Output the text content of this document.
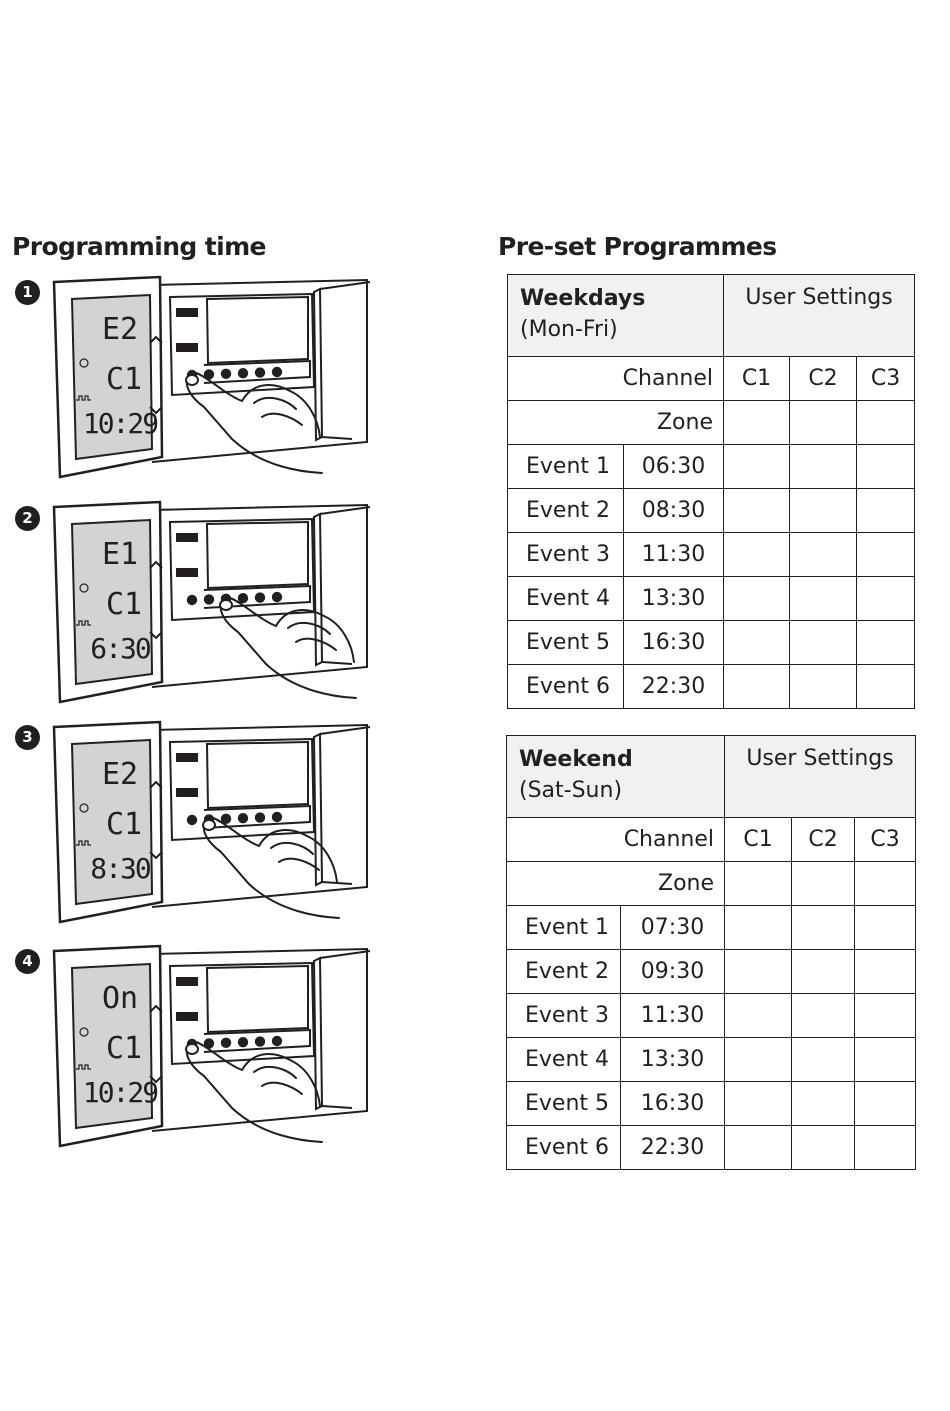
Programming time	Pre-set Programmes
1
E2
C1
10:29
MODE
+HRS
2
E1
C1
6:30
MODE
+HRS
3
E2
C1
8:30
MODE
+HRS
4
On
C1
10:29
MODE
+HRS
Weekdays
(Mon-Fri)		User Settings		
Channel		C1	C2	C3
Zone				
Event 1	06:30			
Event 2	08:30			
Event 3	11:30			
Event 4	13:30			
Event 5	16:30			
Event 6	22:30			
Weekend
(Sat-Sun)		User Settings		
Channel		C1	C2	C3
Zone				
Event 1	07:30			
Event 2	09:30			
Event 3	11:30			
Event 4	13:30			
Event 5	16:30			
Event 6	22:30			
